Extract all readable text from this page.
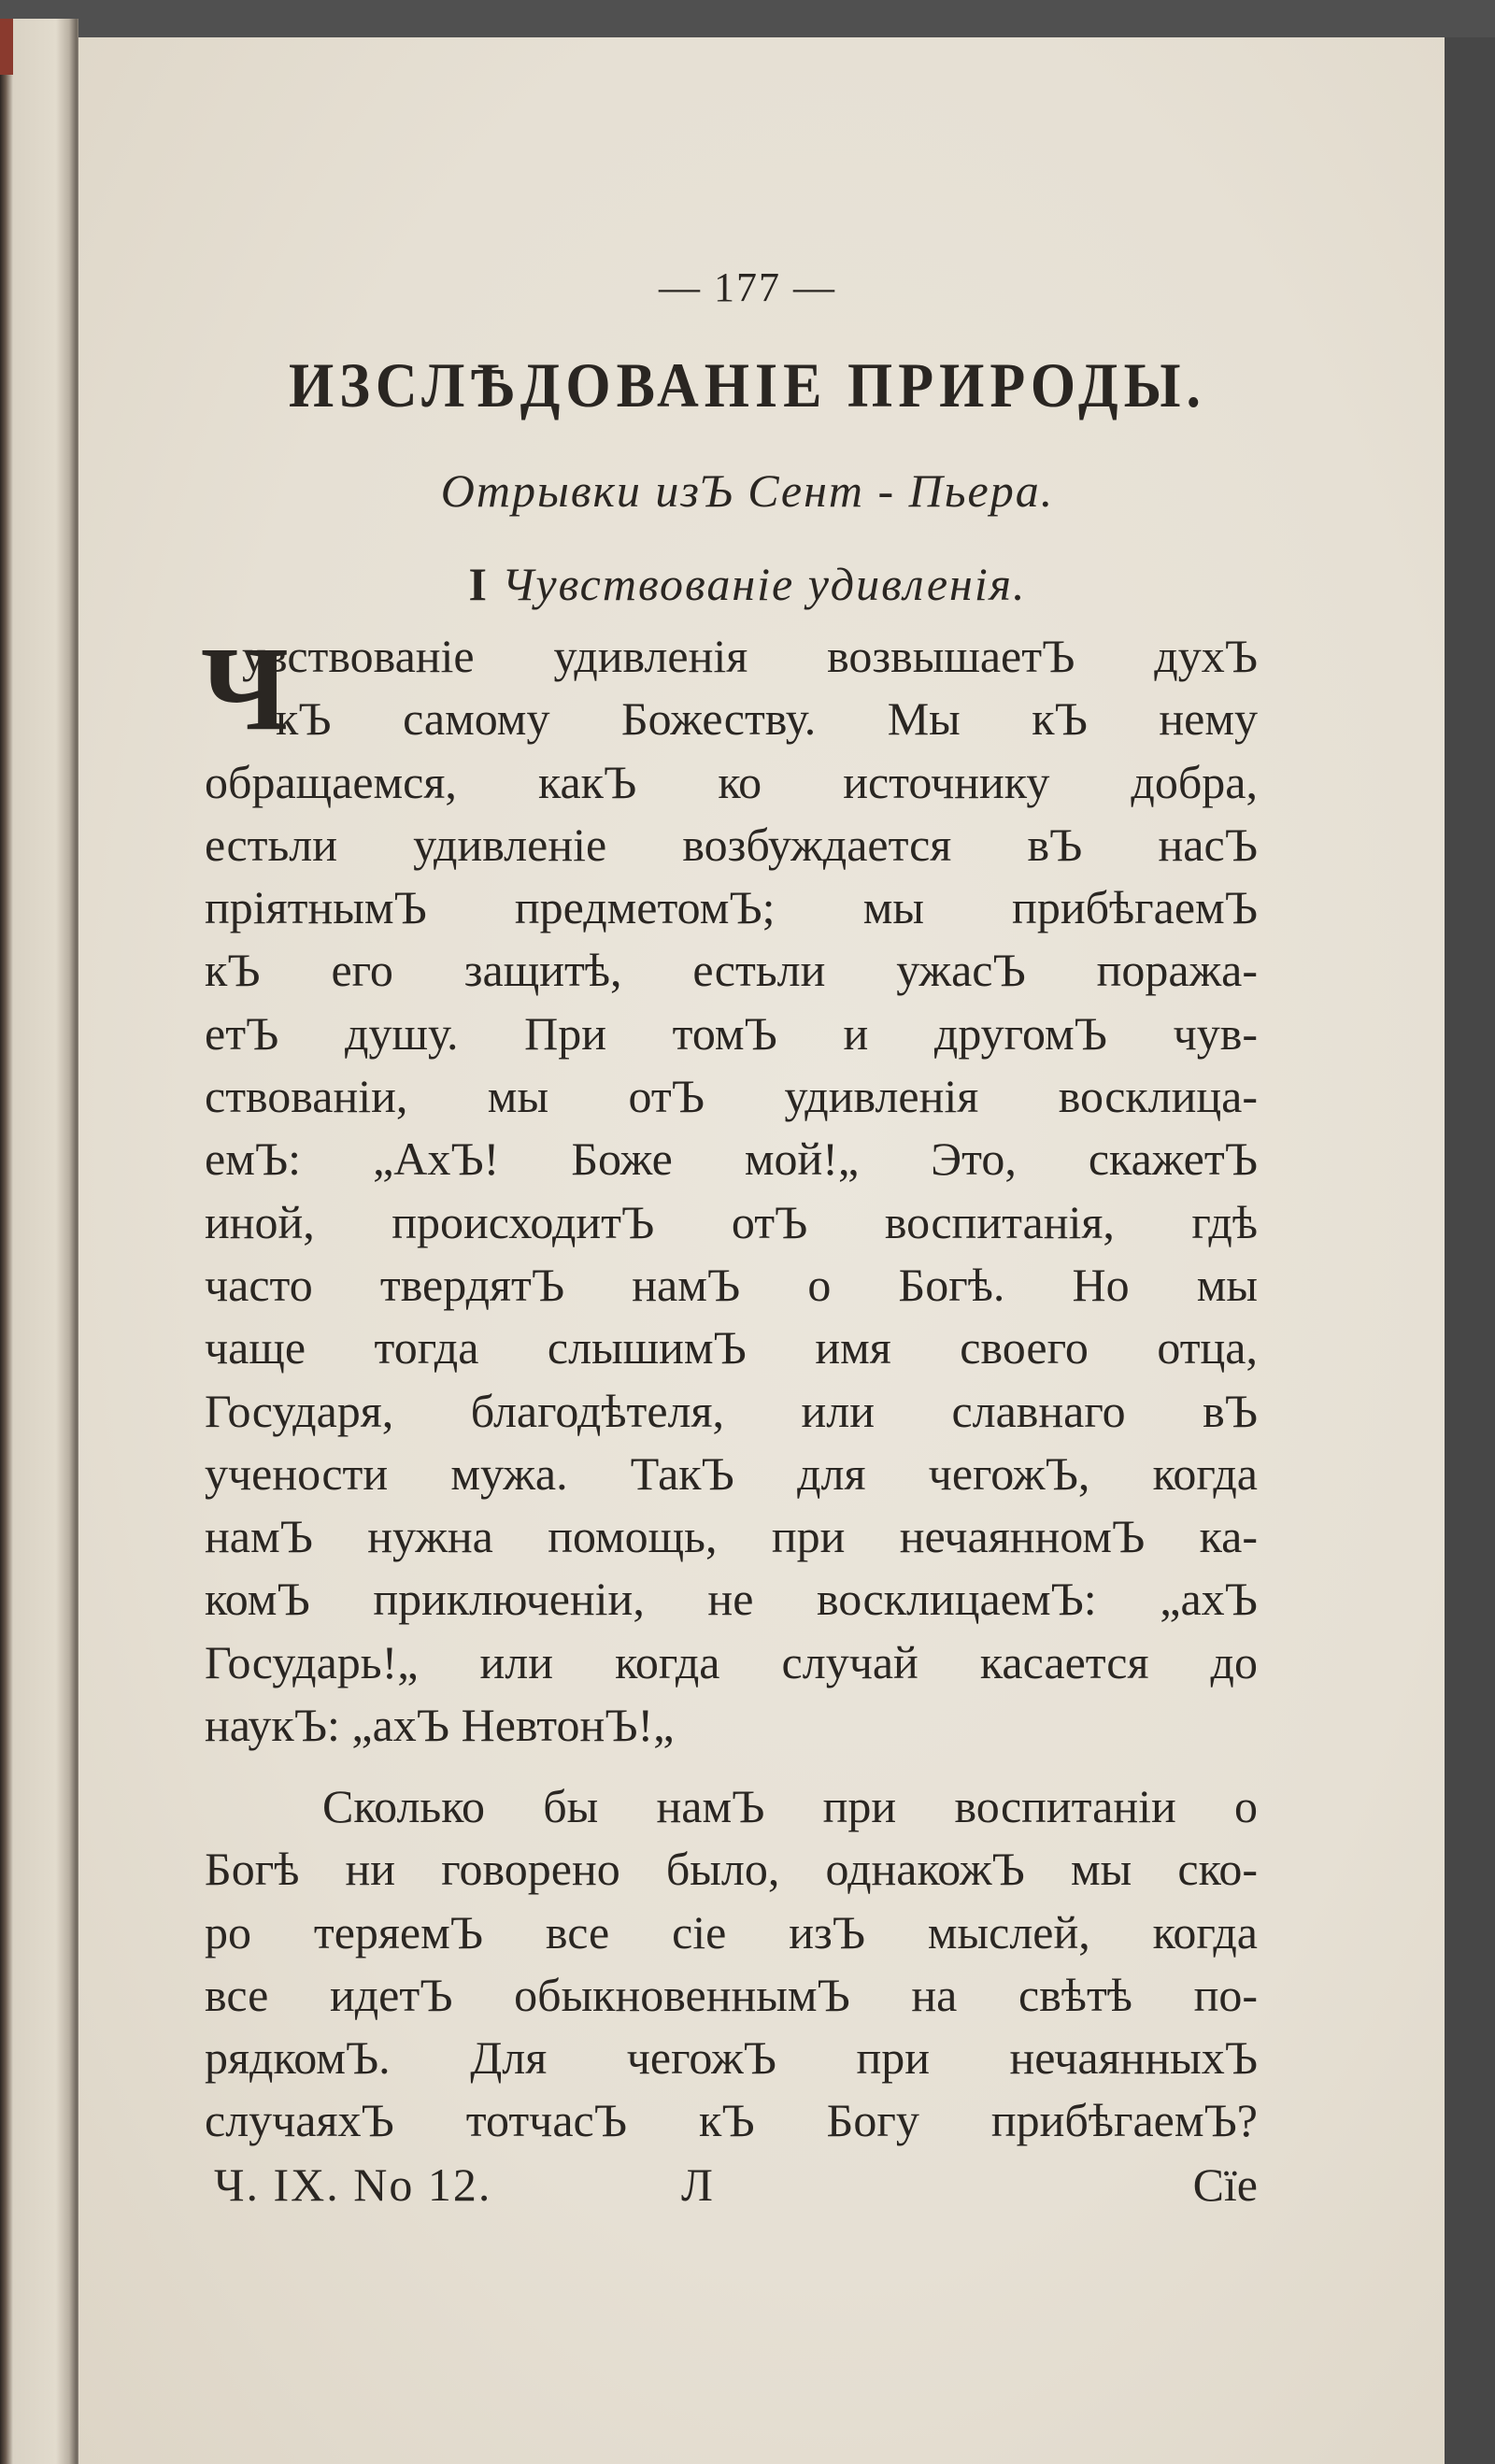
— 177 —
ИЗСЛѢДОВАНІЕ ПРИРОДЫ.
Отрывки изЪ Сент - Пьера.
I Чувствованіе удивленія.
Ч
увствованіе удивленія возвышаетЪ духЪ
кЪ самому Божеству. Мы кЪ нему
обращаемся, какЪ ко источнику добра,
естьли удивленіе возбуждается вЪ насЪ
пріятнымЪ предметомЪ; мы прибѣгаемЪ
кЪ его защитѣ, естьли ужасЪ поража-
етЪ душу. При томЪ и другомЪ чув-
ствованіи, мы отЪ удивленія восклица-
емЪ: „АхЪ! Боже мой!„ Это, скажетЪ
иной, происходитЪ отЪ воспитанія, гдѣ
часто твердятЪ намЪ о Богѣ. Но мы
чаще тогда слышимЪ имя своего отца,
Государя, благодѣтеля, или славнаго вЪ
учености мужа. ТакЪ для чегожЪ, когда
намЪ нужна помощь, при нечаянномЪ ка-
комЪ приключеніи, не восклицаемЪ: „ахЪ
Государь!„ или когда случай касается до
наукЪ: „ахЪ НевтонЪ!„
Сколько бы намЪ при воспитаніи о
Богѣ ни говорено было, однакожЪ мы ско-
ро теряемЪ все сіе изЪ мыслей, когда
все идетЪ обыкновеннымЪ на свѣтѣ по-
рядкомЪ. Для чегожЪ при нечаянныхЪ
случаяхЪ тотчасЪ кЪ Богу прибѣгаемЪ?
Ч. IX. No 12.	Л	Сїе
